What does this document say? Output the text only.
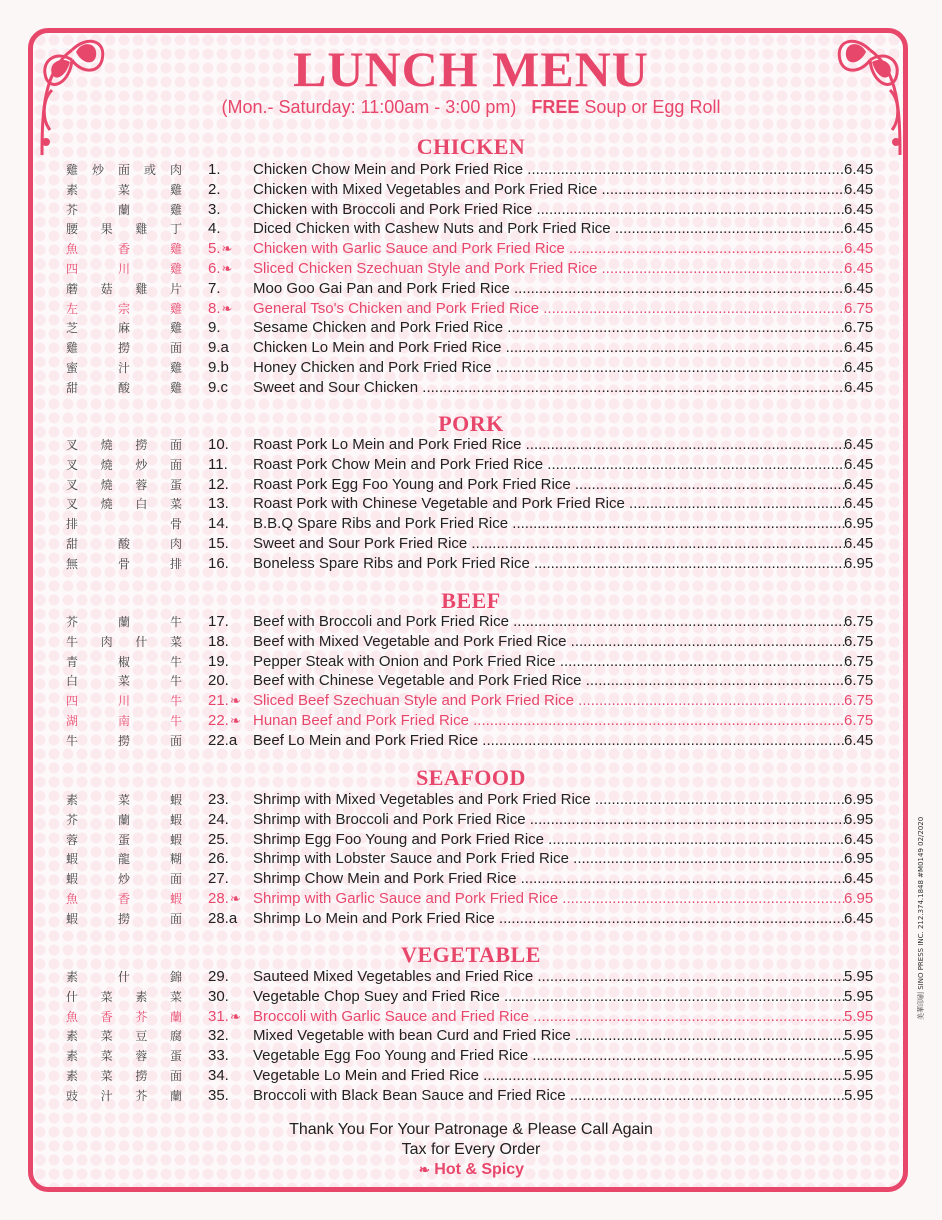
LUNCH MENU
(Mon.- Saturday: 11:00am - 3:00 pm) FREE Soup or Egg Roll
CHICKEN
雞 炒 面 或 肉 1.	Chicken Chow Mein and Pork Fried Rice .....	6.45
素	菜	雞 2.	Chicken with Mixed Vegetables and Pork Fried Rice .....	6.45
芥	蘭	雞 3.	Chicken with Broccoli and Pork Fried Rice .....	6.45
腰 果 雞 丁 4.	Diced Chicken with Cashew Nuts and Pork Fried Rice .....	6.45
魚	香	雞 5.❧	Chicken with Garlic Sauce and Pork Fried Rice .....	6.45
四	川	雞 6.❧	Sliced Chicken Szechuan Style and Pork Fried Rice .....	6.45
蘑 菇 雞 片 7.	Moo Goo Gai Pan and Pork Fried Rice .....	6.45
左	宗	雞 8.❧	General Tso's Chicken and Pork Fried Rice .....	6.75
芝	麻	雞 9.	Sesame Chicken and Pork Fried Rice .....	6.75
雞	撈	面 9.a	Chicken Lo Mein and Pork Fried Rice .....	6.45
蜜	汁	雞 9.b	Honey Chicken and Pork Fried Rice .....	6.45
甜	酸	雞 9.c	Sweet and Sour Chicken .....	6.45
PORK
叉 燒 撈 面 10.	Roast Pork Lo Mein and Pork Fried Rice .....	6.45
叉 燒 炒 面 11.	Roast Pork Chow Mein and Pork Fried Rice .....	6.45
叉 燒 蓉 蛋 12.	Roast Pork Egg Foo Young and Pork Fried Rice .....	6.45
叉 燒 白 菜 13.	Roast Pork with Chinese Vegetable and Pork Fried Rice .....	6.45
排	骨 14.	B.B.Q Spare Ribs and Pork Fried Rice .....	6.95
甜	酸	肉 15.	Sweet and Sour Pork Fried Rice .....	6.45
無	骨	排 16.	Boneless Spare Ribs and Pork Fried Rice .....	6.95
BEEF
芥	蘭	牛 17.	Beef with Broccoli and Pork Fried Rice .....	6.75
牛 肉 什 菜 18.	Beef with Mixed Vegetable and Pork Fried Rice .....	6.75
青	椒	牛 19.	Pepper Steak with Onion and Pork Fried Rice .....	6.75
白	菜	牛 20.	Beef with Chinese Vegetable and Pork Fried Rice .....	6.75
四	川	牛 21.❧ Sliced Beef Szechuan Style and Pork Fried Rice .....	6.75
湖	南	牛 22.❧ Hunan Beef and Pork Fried Rice .....	6.75
牛	撈	面 22.a	Beef Lo Mein and Pork Fried Rice .....	6.45
SEAFOOD
素	菜	蝦 23.	Shrimp with Mixed Vegetables and Pork Fried Rice .....	6.95
芥	蘭	蝦 24.	Shrimp with Broccoli and Pork Fried Rice .....	6.95
蓉	蛋	蝦 25.	Shrimp Egg Foo Young and Pork Fried Rice .....	6.45
蝦	龍	糊 26.	Shrimp with Lobster Sauce and Pork Fried Rice .....	6.95
蝦	炒	面 27.	Shrimp Chow Mein and Pork Fried Rice .....	6.45
魚	香	蝦 28.❧ Shrimp with Garlic Sauce and Pork Fried Rice .....	6.95
蝦	撈	面 28.a	Shrimp Lo Mein and Pork Fried Rice .....	6.45
VEGETABLE
素	什	錦 29.	Sauteed Mixed Vegetables and Fried Rice .....	5.95
什 菜 素 菜 30.	Vegetable Chop Suey and Fried Rice .....	5.95
魚 香 芥 蘭 31.❧ Broccoli with Garlic Sauce and Fried Rice .....	5.95
素 菜 豆 腐 32.	Mixed Vegetable with bean Curd and Fried Rice .....	5.95
素 菜 蓉 蛋 33.	Vegetable Egg Foo Young and Fried Rice .....	5.95
素 菜 撈 面 34.	Vegetable Lo Mein and Fried Rice .....	5.95
豉 汁 芥 蘭 35.	Broccoli with Black Bean Sauce and Fried Rice .....	5.95
Thank You For Your Patronage & Please Call Again
Tax for Every Order
❧ Hot & Spicy
美華印刷 SINO PRESS INC. 212.374.1848 #M0149 02/2020
